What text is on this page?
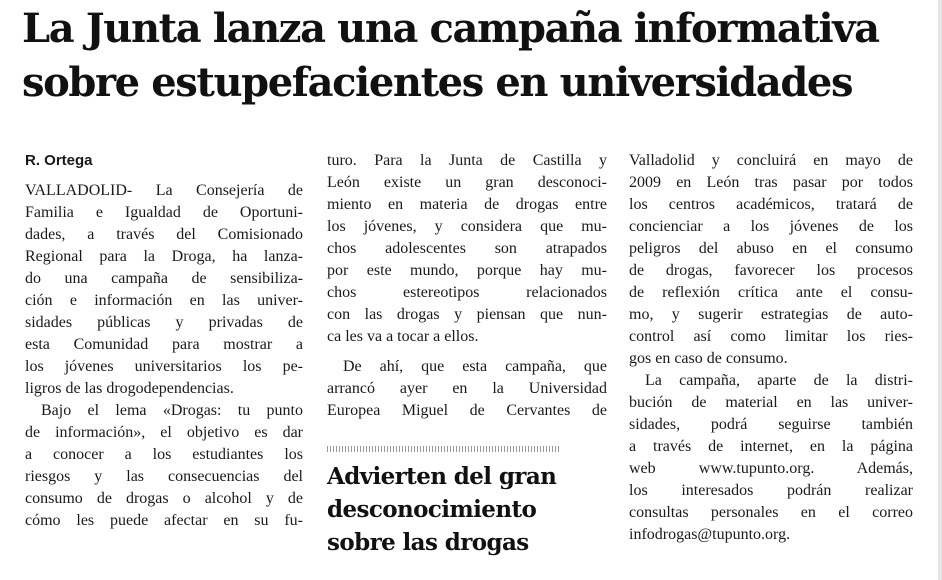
La Junta lanza una campaña informativa
sobre estupefacientes en universidades
R. Ortega

VALLADOLID- La Consejería de

Familia e Igualdad de Oportuni-

dades, a través del Comisionado

Regional para la Droga, ha lanza-

do una campaña de sensibiliza-

ción e información en las univer-

sidades públicas y privadas de

esta Comunidad para mostrar a

los jóvenes universitarios los pe-

ligros de las drogodependencias.

Bajo el lema «Drogas: tu punto

de información», el objetivo es dar

a conocer a los estudiantes los

riesgos y las consecuencias del

consumo de drogas o alcohol y de

cómo les puede afectar en su fu-

turo. Para la Junta de Castilla y

León existe un gran desconoci-

miento en materia de drogas entre

los jóvenes, y considera que mu-

chos adolescentes son atrapados

por este mundo, porque hay mu-

chos estereotipos relacionados

con las drogas y piensan que nun-

ca les va a tocar a ellos.

De ahí, que esta campaña, que

arrancó ayer en la Universidad

Europea Miguel de Cervantes de

Advierten del gran
desconocimiento
sobre las drogas

Valladolid y concluirá en mayo de

2009 en León tras pasar por todos

los centros académicos, tratará de

concienciar a los jóvenes de los

peligros del abuso en el consumo

de drogas, favorecer los procesos

de reflexión crítica ante el consu-

mo, y sugerir estrategias de auto-

control así como limitar los ries-

gos en caso de consumo.

La campaña, aparte de la distri-

bución de material en las univer-

sidades, podrá seguirse también

a través de internet, en la página

web www.tupunto.org. Además,

los interesados podrán realizar

consultas personales en el correo

infodrogas@tupunto.org.
